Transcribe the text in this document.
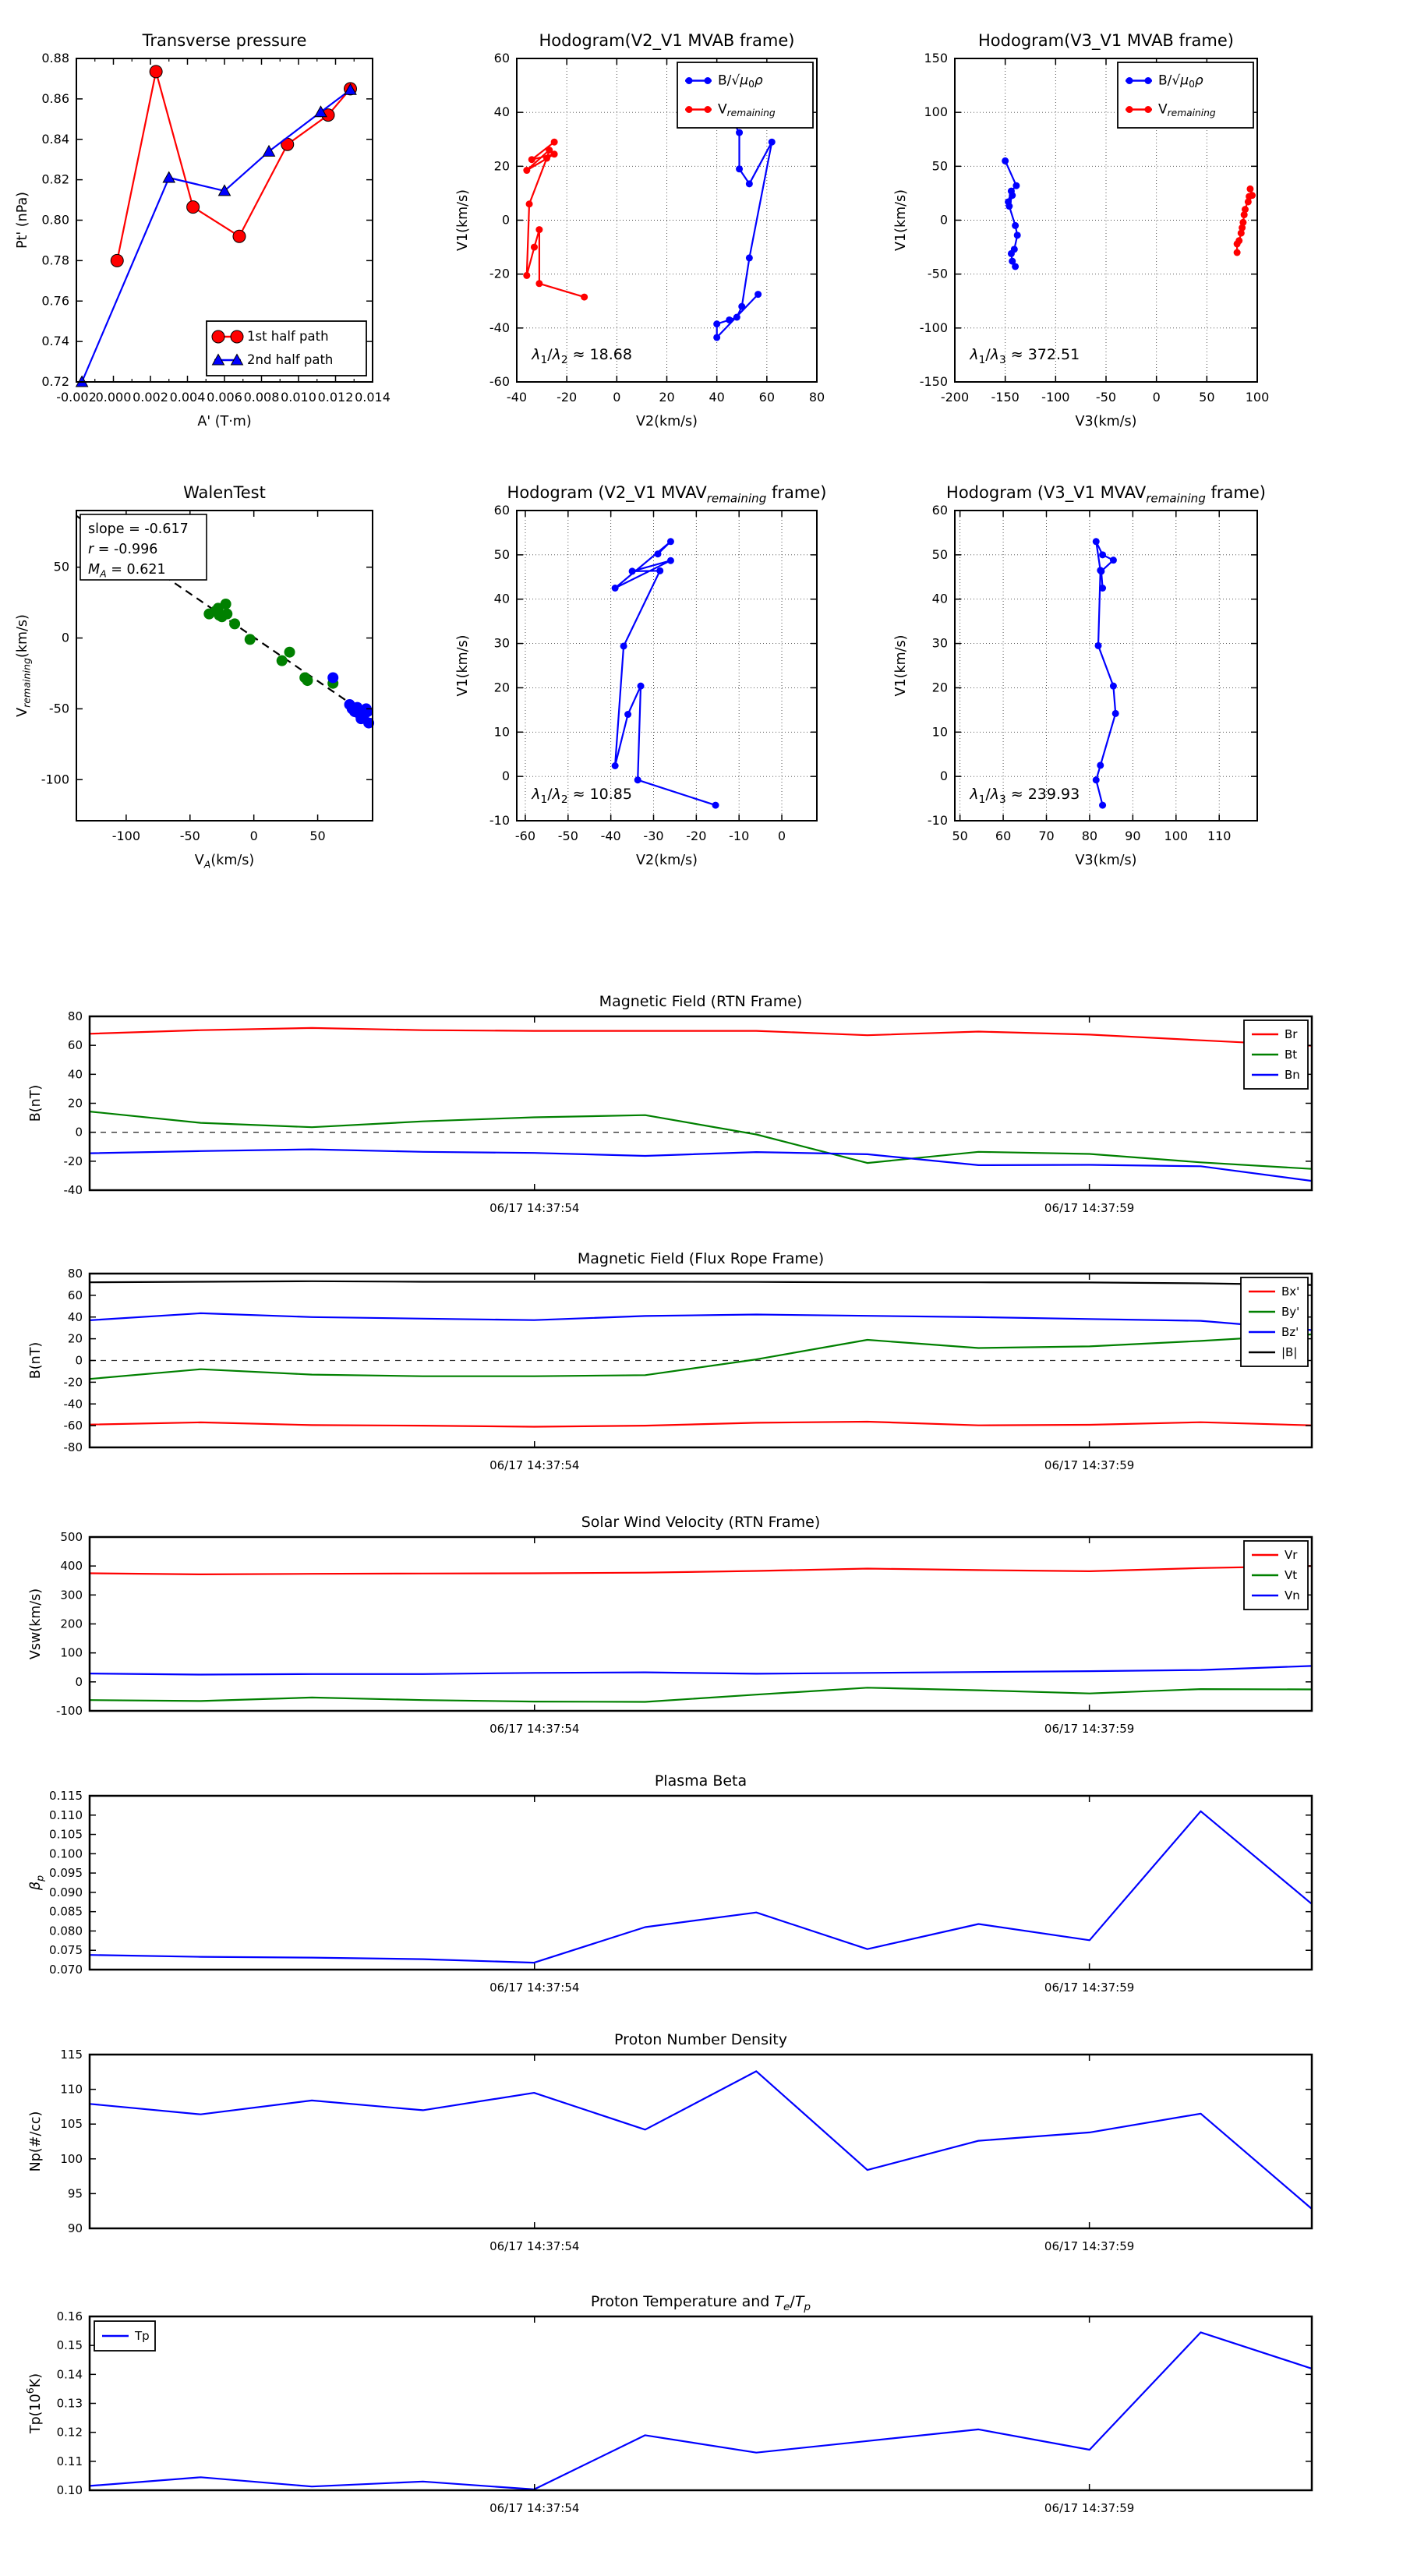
-0.002
0.000 0.002 0.004 0.006 0.008 0.010 0.012 0.014
0.72
0.74
0.76
0.78
0.80
0.82
0.84
0.86
0.88
Transverse pressure
A' (T·m)
Pt' (nPa)
1st half path
2nd half path
-40 -20	0	20	40	60	80
-60
-40
-20
0
20
40
60
Hodogram(V2_V1 MVAB frame)
V2(km/s)
V1(km/s)
$\lambda_1/\lambda_2 \approx 18.68$
$B/√\mu_0\rho$
$V_{remaining}$
-200 -150 -100 -50	0	50 100
-150
-100
-50
0
50
100
150
Hodogram(V3_V1 MVAB frame)
V3(km/s)
V1(km/s)
$\lambda_1/\lambda_3 \approx 372.51$
$B/√\mu_0\rho$
$V_{remaining}$
-100	-50	0	50
-100
-50
0
50
WalenTest
$V_A(km/s)$
$V_{remaining}(km/s)$
slope = -0.617
r = -0.996
$M_A = 0.621$
-60 -50 -40 -30 -20 -10 0
-10
0
10
20
30
40
50
60
Hodogram (V2_V1 $MVAV_{remaining}$ frame)
V2(km/s)
V1(km/s)
$\lambda_1/\lambda_2 \approx 10.85$
50 60 70 80 90 100 110
-10
0
10
20
30
40
50
60
Hodogram (V3_V1 $MVAV_{remaining}$ frame)
V3(km/s)
V1(km/s)
$\lambda_1/\lambda_3 \approx 239.93$
06/17 14:37:54	06/17 14:37:59
-40
-20
0
20
40
60
80
Magnetic Field (RTN Frame)
B(nT)
Br
Bt
Bn
06/17 14:37:54	06/17 14:37:59
-80
-60
-40
-20
0
20
40
60
80
Magnetic Field (Flux Rope Frame)
B(nT)
Bx'
By'
Bz'
|B|
06/17 14:37:54	06/17 14:37:59
-100
0
100
200
300
400
500
Solar Wind Velocity (RTN Frame)
Vsw(km/s)
Vr
Vt
Vn
06/17 14:37:54	06/17 14:37:59
0.070
0.075
0.080
0.085
0.090
0.095
0.100
0.105
0.110
0.115
Plasma Beta
$\beta_p$
06/17 14:37:54	06/17 14:37:59
90
95
100
105
110
115
Proton Number Density
Np(#/cc)
06/17 14:37:54	06/17 14:37:59
0.10
0.11
0.12
0.13
0.14
0.15
0.16
Proton Temperature and $T_e/T_p$
$Tp(10^6K)$
Tp
